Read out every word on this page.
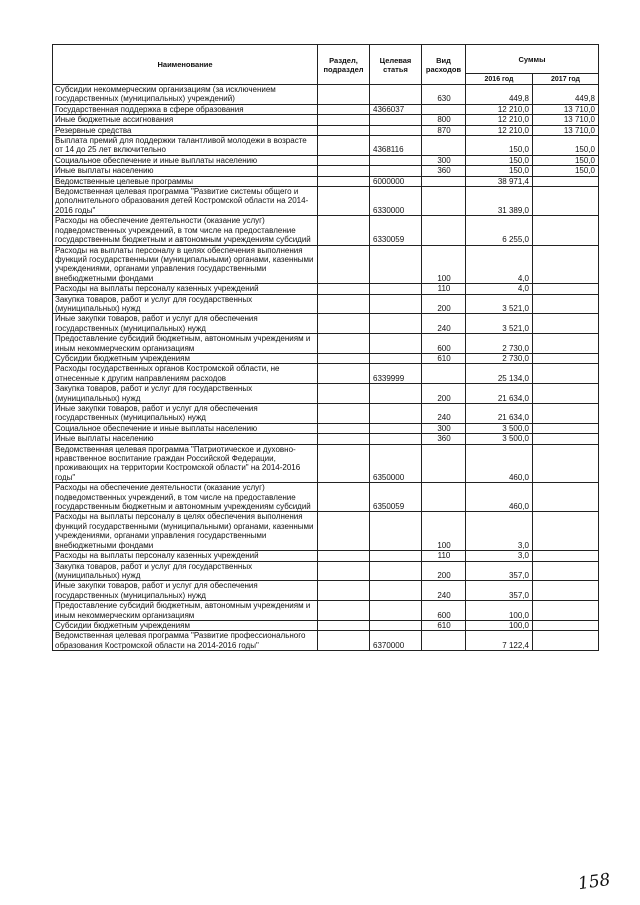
Наименование	Раздел, подраздел	Целевая статья	Вид расходов	Суммы	
				2016 год	2017 год
Субсидии некоммерческим организациям (за исключением государственных (муниципальных) учреждений)			630	449,8	449,8
Государственная поддержка в сфере образования		4366037		12 210,0	13 710,0
Иные бюджетные ассигнования			800	12 210,0	13 710,0
Резервные средства			870	12 210,0	13 710,0
Выплата премий для поддержки талантливой молодежи в возрасте от 14 до 25 лет включительно		4368116		150,0	150,0
Социальное обеспечение и иные выплаты населению			300	150,0	150,0
Иные выплаты населению			360	150,0	150,0
Ведомственные целевые программы		6000000		38 971,4	
Ведомственная целевая программа "Развитие системы общего и дополнительного образования детей Костромской области на 2014-2016 годы"		6330000		31 389,0	
Расходы на обеспечение деятельности (оказание услуг) подведомственных учреждений, в том числе на предоставление государственным бюджетным и автономным учреждениям субсидий		6330059		6 255,0	
Расходы на выплаты персоналу в целях обеспечения выполнения функций государственными (муниципальными) органами, казенными учреждениями, органами управления государственными внебюджетными фондами			100	4,0	
Расходы на выплаты персоналу казенных учреждений			110	4,0	
Закупка товаров, работ и услуг для государственных (муниципальных) нужд			200	3 521,0	
Иные закупки товаров, работ и услуг для обеспечения государственных (муниципальных) нужд			240	3 521,0	
Предоставление субсидий бюджетным, автономным учреждениям и иным некоммерческим организациям			600	2 730,0	
Субсидии бюджетным учреждениям			610	2 730,0	
Расходы государственных органов Костромской области, не отнесенные к другим направлениям расходов		6339999		25 134,0	
Закупка товаров, работ и услуг для государственных (муниципальных) нужд			200	21 634,0	
Иные закупки товаров, работ и услуг для обеспечения государственных (муниципальных) нужд			240	21 634,0	
Социальное обеспечение и иные выплаты населению			300	3 500,0	
Иные выплаты населению			360	3 500,0	
Ведомственная целевая программа "Патриотическое и духовно-нравственное воспитание граждан Российской Федерации, проживающих на территории Костромской области" на 2014-2016 годы"		6350000		460,0	
Расходы на обеспечение деятельности (оказание услуг) подведомственных учреждений, в том числе на предоставление государственным бюджетным и автономным учреждениям субсидий		6350059		460,0	
Расходы на выплаты персоналу в целях обеспечения выполнения функций государственными (муниципальными) органами, казенными учреждениями, органами управления государственными внебюджетными фондами			100	3,0	
Расходы на выплаты персоналу казенных учреждений			110	3,0	
Закупка товаров, работ и услуг для государственных (муниципальных) нужд			200	357,0	
Иные закупки товаров, работ и услуг для обеспечения государственных (муниципальных) нужд			240	357,0	
Предоставление субсидий бюджетным, автономным учреждениям и иным некоммерческим организациям			600	100,0	
Субсидии бюджетным учреждениям			610	100,0	
Ведомственная целевая программа "Развитие профессионального образования Костромской области на 2014-2016 годы"		6370000		7 122,4	
158
